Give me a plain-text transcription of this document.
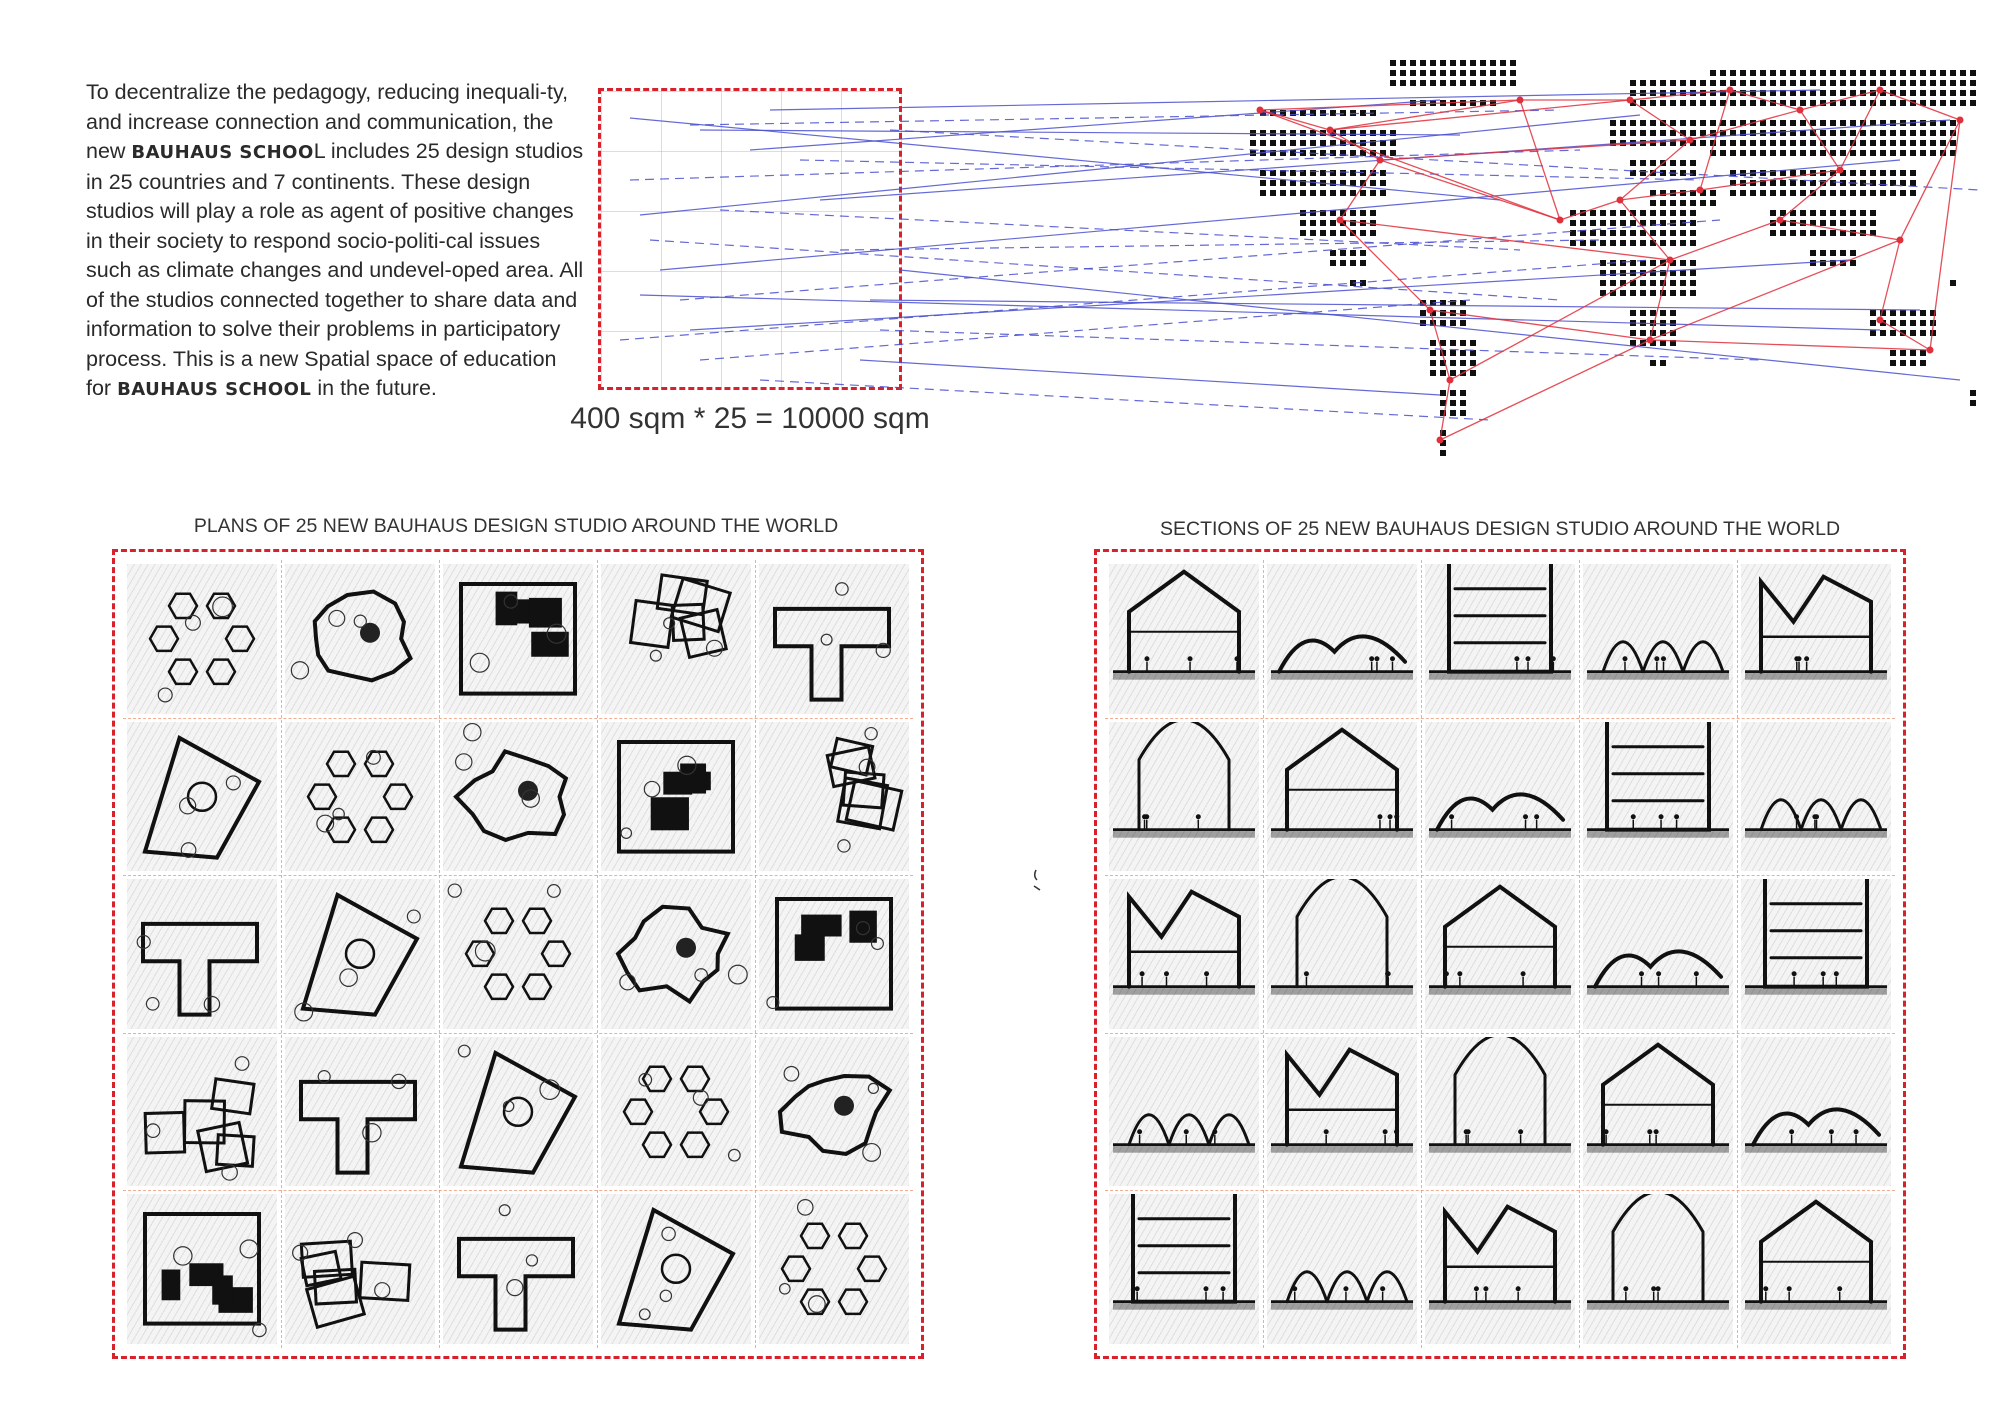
To decentralize the pedagogy, reducing inequali-ty, and increase connection and communication, the new BAUHAUS SCHOOL includes 25 design studios in 25 countries and 7 continents. These design studios will play a role as agent of positive changes in their society to respond socio-politi-cal issues such as climate changes and undevel-oped area. All of the studios connected together to share data and information to solve their problems in participatory process. This is a new Spatial space of education for BAUHAUS SCHOOL in the future.
400 sqm * 25 = 10000 sqm
PLANS OF 25 NEW BAUHAUS DESIGN STUDIO AROUND THE WORLD	SECTIONS OF 25 NEW BAUHAUS DESIGN STUDIO AROUND THE WORLD
